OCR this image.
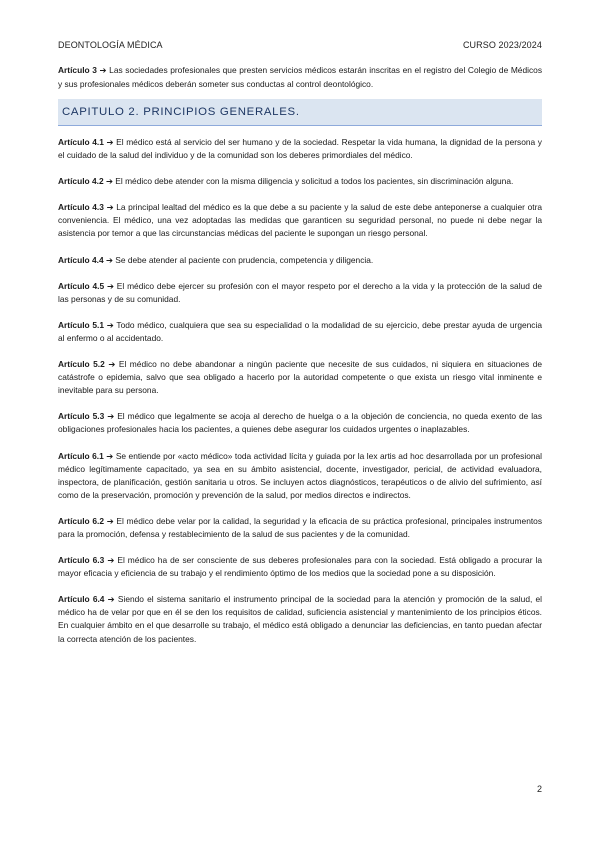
DEONTOLOGÍA MÉDICA	CURSO 2023/2024

Artículo 3 ➔ Las sociedades profesionales que presten servicios médicos estarán inscritas en el registro del Colegio de Médicos y sus profesionales médicos deberán someter sus conductas al control deontológico.

CAPITULO 2. PRINCIPIOS GENERALES.

Artículo 4.1 ➔ El médico está al servicio del ser humano y de la sociedad. Respetar la vida humana, la dignidad de la persona y el cuidado de la salud del individuo y de la comunidad son los deberes primordiales del médico.

Artículo 4.2 ➔ El médico debe atender con la misma diligencia y solicitud a todos los pacientes, sin discriminación alguna.

Artículo 4.3 ➔ La principal lealtad del médico es la que debe a su paciente y la salud de este debe anteponerse a cualquier otra conveniencia. El médico, una vez adoptadas las medidas que garanticen su seguridad personal, no puede ni debe negar la asistencia por temor a que las circunstancias médicas del paciente le supongan un riesgo personal.

Artículo 4.4 ➔ Se debe atender al paciente con prudencia, competencia y diligencia.

Artículo 4.5 ➔ El médico debe ejercer su profesión con el mayor respeto por el derecho a la vida y la protección de la salud de las personas y de su comunidad.

Artículo 5.1 ➔ Todo médico, cualquiera que sea su especialidad o la modalidad de su ejercicio, debe prestar ayuda de urgencia al enfermo o al accidentado.

Artículo 5.2 ➔ El médico no debe abandonar a ningún paciente que necesite de sus cuidados, ni siquiera en situaciones de catástrofe o epidemia, salvo que sea obligado a hacerlo por la autoridad competente o que exista un riesgo vital inminente e inevitable para su persona.

Artículo 5.3 ➔ El médico que legalmente se acoja al derecho de huelga o a la objeción de conciencia, no queda exento de las obligaciones profesionales hacia los pacientes, a quienes debe asegurar los cuidados urgentes o inaplazables.

Artículo 6.1 ➔ Se entiende por «acto médico» toda actividad lícita y guiada por la lex artis ad hoc desarrollada por un profesional médico legítimamente capacitado, ya sea en su ámbito asistencial, docente, investigador, pericial, de actividad evaluadora, inspectora, de planificación, gestión sanitaria u otros. Se incluyen actos diagnósticos, terapéuticos o de alivio del sufrimiento, así como de la preservación, promoción y prevención de la salud, por medios directos e indirectos.

Artículo 6.2 ➔ El médico debe velar por la calidad, la seguridad y la eficacia de su práctica profesional, principales instrumentos para la promoción, defensa y restablecimiento de la salud de sus pacientes y de la comunidad.

Artículo 6.3 ➔ El médico ha de ser consciente de sus deberes profesionales para con la sociedad. Está obligado a procurar la mayor eficacia y eficiencia de su trabajo y el rendimiento óptimo de los medios que la sociedad pone a su disposición.

Artículo 6.4 ➔ Siendo el sistema sanitario el instrumento principal de la sociedad para la atención y promoción de la salud, el médico ha de velar por que en él se den los requisitos de calidad, suficiencia asistencial y mantenimiento de los principios éticos. En cualquier ámbito en el que desarrolle su trabajo, el médico está obligado a denunciar las deficiencias, en tanto puedan afectar la correcta atención de los pacientes.

2
